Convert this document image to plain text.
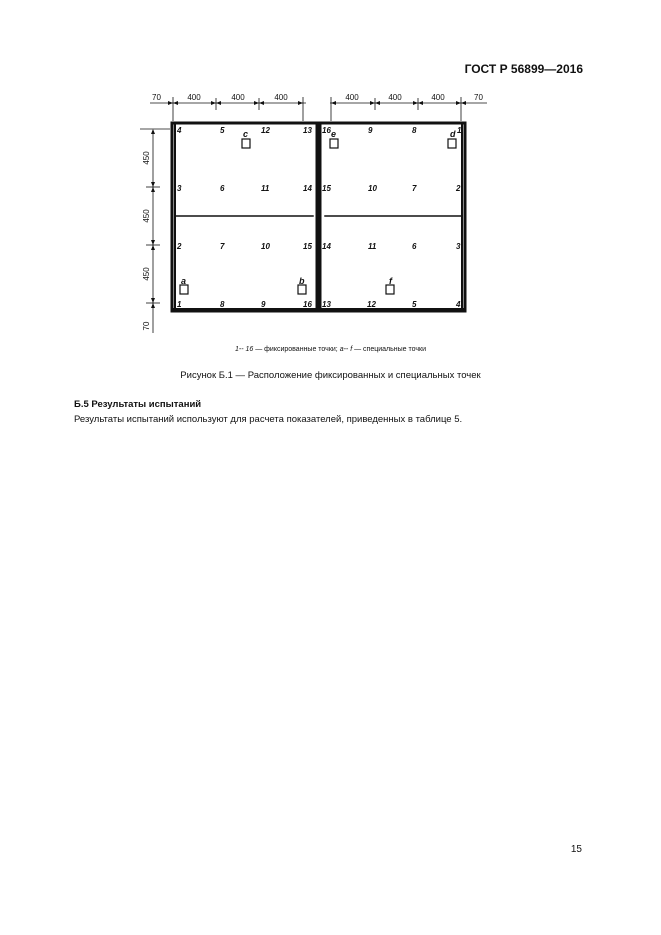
ГОСТ Р 56899—2016
70	400	400	400	400	400	400	70
450
450
450
70
4	5	12	13
3	6	11	14
2	7	10	15
1	8	9	16
16	9	8	1
15	10	7	2
14	11	6	3
13	12	5	4
c
a	b
e	d
f
1-- 16 — фиксированные точки; a-- f — специальные точки
Рисунок Б.1 — Расположение фиксированных и специальных точек
Б.5 Результаты испытаний
Результаты испытаний используют для расчета показателей, приведенных в таблице 5.
15
